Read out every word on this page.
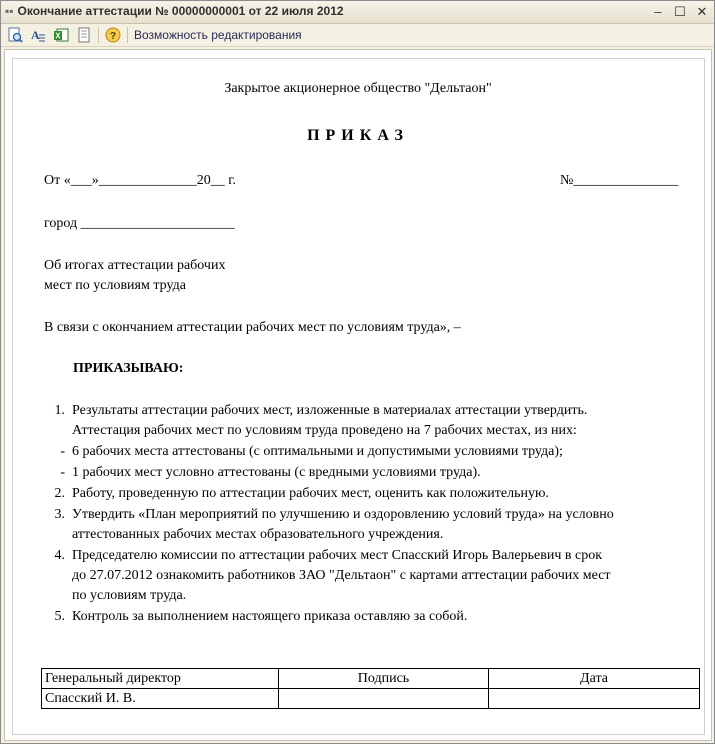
▪▪ Окончание аттестации № 00000000001 от 22 июля 2012	– ☐ ✕
A X	? Возможность редактирования
Закрытое акционерное общество "Дельтаон"
ПРИКАЗ
От «___»______________20__ г.	№_______________
город ______________________
Об итогах аттестации рабочих
мест по условиям труда
В связи с окончанием аттестации рабочих мест по условиям труда», –
ПРИКАЗЫВАЮ:
1. Результаты аттестации рабочих мест, изложенные в материалах аттестации утвердить.
Аттестация рабочих мест по условиям труда проведено на 7 рабочих местах, из них:
- 6 рабочих места аттестованы (с оптимальными и допустимыми условиями труда);
- 1 рабочих мест условно аттестованы (с вредными условиями труда).
2. Работу, проведенную по аттестации рабочих мест, оценить как положительную.
3. Утвердить «План мероприятий по улучшению и оздоровлению условий труда» на условно
аттестованных рабочих местах образовательного учреждения.
4. Председателю комиссии по аттестации рабочих мест Спасский Игорь Валерьевич в срок
до 27.07.2012 ознакомить работников ЗАО "Дельтаон" с картами аттестации рабочих мест
по условиям труда.
5. Контроль за выполнением настоящего приказа оставляю за собой.
Генеральный директор	Подпись	Дата
Спасский И. В.		
